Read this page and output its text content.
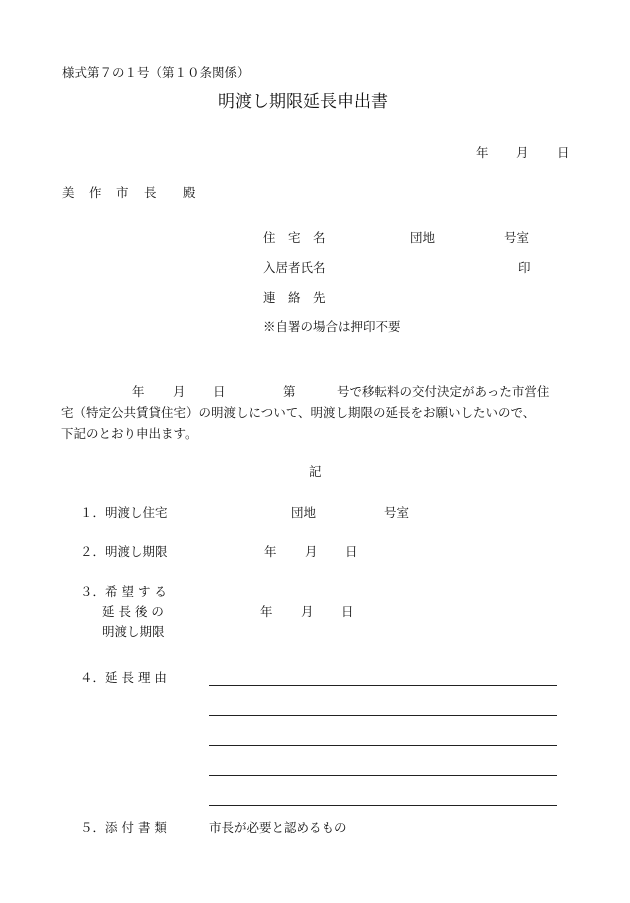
様式第７の１号（第１０条関係）
明渡し期限延長申出書
年 月 日
美 作 市 長 殿
住　宅　名	団地	号室
入居者氏名	印
連　絡　先
※自署の場合は押印不要
年 月 日	第	号で移転料の交付決定があった市営住
宅（特定公共賃貸住宅）の明渡しについて、明渡し期限の延長をお願いしたいので、
下記のとおり申出ます。
記
１．明渡し住宅	団地	号室
２．明渡し期限	年 月 日
３．希 望 す る
延 長 後 の
明渡し期限
年 月 日
４．延 長 理 由
５．添 付 書 類	市長が必要と認めるもの
